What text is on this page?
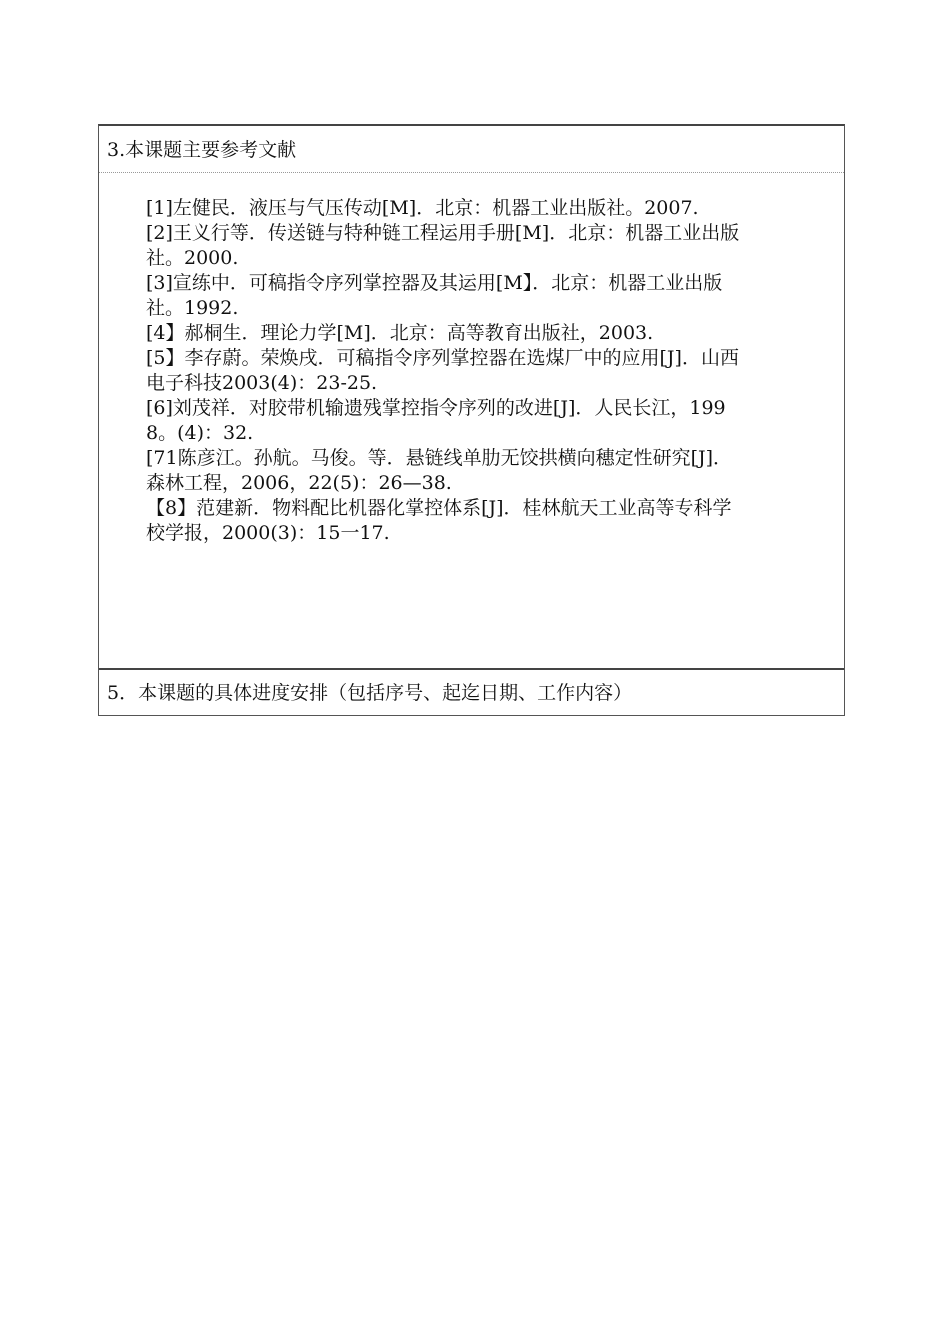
3.本课题主要参考文献
[1]左健民．液压与气压传动[M]．北京：机器工业出版社。2007.
[2]王义行等．传送链与特种链工程运用手册[M]．北京：机器工业出版社。2000.
[3]宣练中．可稿指令序列掌控器及其运用[M】．北京：机器工业出版社。1992.
[4】郝桐生．理论力学[M]．北京：高等教育出版社，2003.
[5】李存蔚。荣焕戌．可稿指令序列掌控器在选煤厂中的应用[J]．山西电子科技2003(4)：23-25.
[6]刘茂祥．对胶带机输遗残掌控指令序列的改进[J]．人民长江，1998。(4)：32.
[71陈彦江。孙航。马俊。等．悬链线单肋无饺拱横向穗定性研究[J]．森林工程，2006，22(5)：26—38.
【8】范建新．物料配比机器化掌控体系[J]．桂林航天工业高等专科学校学报，2000(3)：15一17.
5．本课题的具体进度安排（包括序号、起迄日期、工作内容）
